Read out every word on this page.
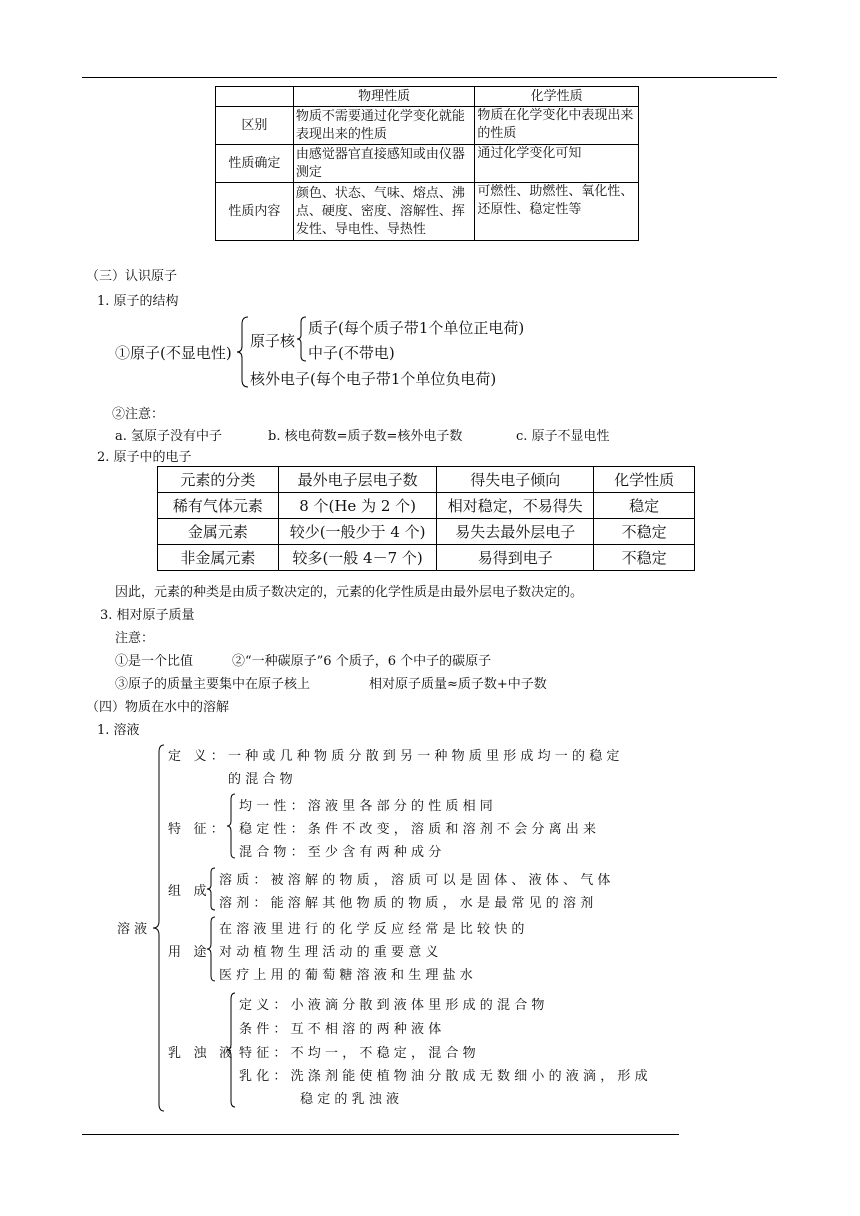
	物理性质	化学性质
区别	物质不需要通过化学变化就能表现出来的性质	物质在化学变化中表现出来的性质
性质确定	由感觉器官直接感知或由仪器测定	通过化学变化可知
性质内容	颜色、状态、气味、熔点、沸点、硬度、密度、溶解性、挥发性、导电性、导热性	可燃性、助燃性、氧化性、还原性、稳定性等
（三）认识原子
1. 原子的结构
①原子(不显电性)
原子核
质子(每个质子带1个单位正电荷)
中子(不带电)
核外电子(每个电子带1个单位负电荷)
②注意：
a. 氢原子没有中子	b. 核电荷数=质子数=核外电子数	c. 原子不显电性
2. 原子中的电子
元素的分类	最外电子层电子数	得失电子倾向	化学性质
稀有气体元素	8 个(He 为 2 个)	相对稳定，不易得失	稳定
金属元素	较少(一般少于 4 个)	易失去最外层电子	不稳定
非金属元素	较多(一般 4－7 个)	易得到电子	不稳定
因此，元素的种类是由质子数决定的，元素的化学性质是由最外层电子数决定的。
3. 相对原子质量
注意：
①是一个比值	②“一种碳原子”6 个质子，6 个中子的碳原子
③原子的质量主要集中在原子核上	相对原子质量≈质子数+中子数
（四）物质在水中的溶解
1. 溶液
溶 液
定 义： 一种或几种物质分散到另一种物质里形成均一的稳定
的混合物
特 征：
均一性：溶液里各部分的性质相同
稳定性：条件不改变，溶质和溶剂不会分离出来
混合物：至少含有两种成分
组 成
溶质：被溶解的物质，溶质可以是固体、液体、气体
溶剂：能溶解其他物质的物质，水是最常见的溶剂
用 途
在溶液里进行的化学反应经常是比较快的
对动植物生理活动的重要意义
医疗上用的葡萄糖溶液和生理盐水
乳 浊 液
定义：小液滴分散到液体里形成的混合物
条件：互不相溶的两种液体
特征：不均一，不稳定，混合物
乳化：洗涤剂能使植物油分散成无数细小的液滴，形成
稳定的乳浊液
